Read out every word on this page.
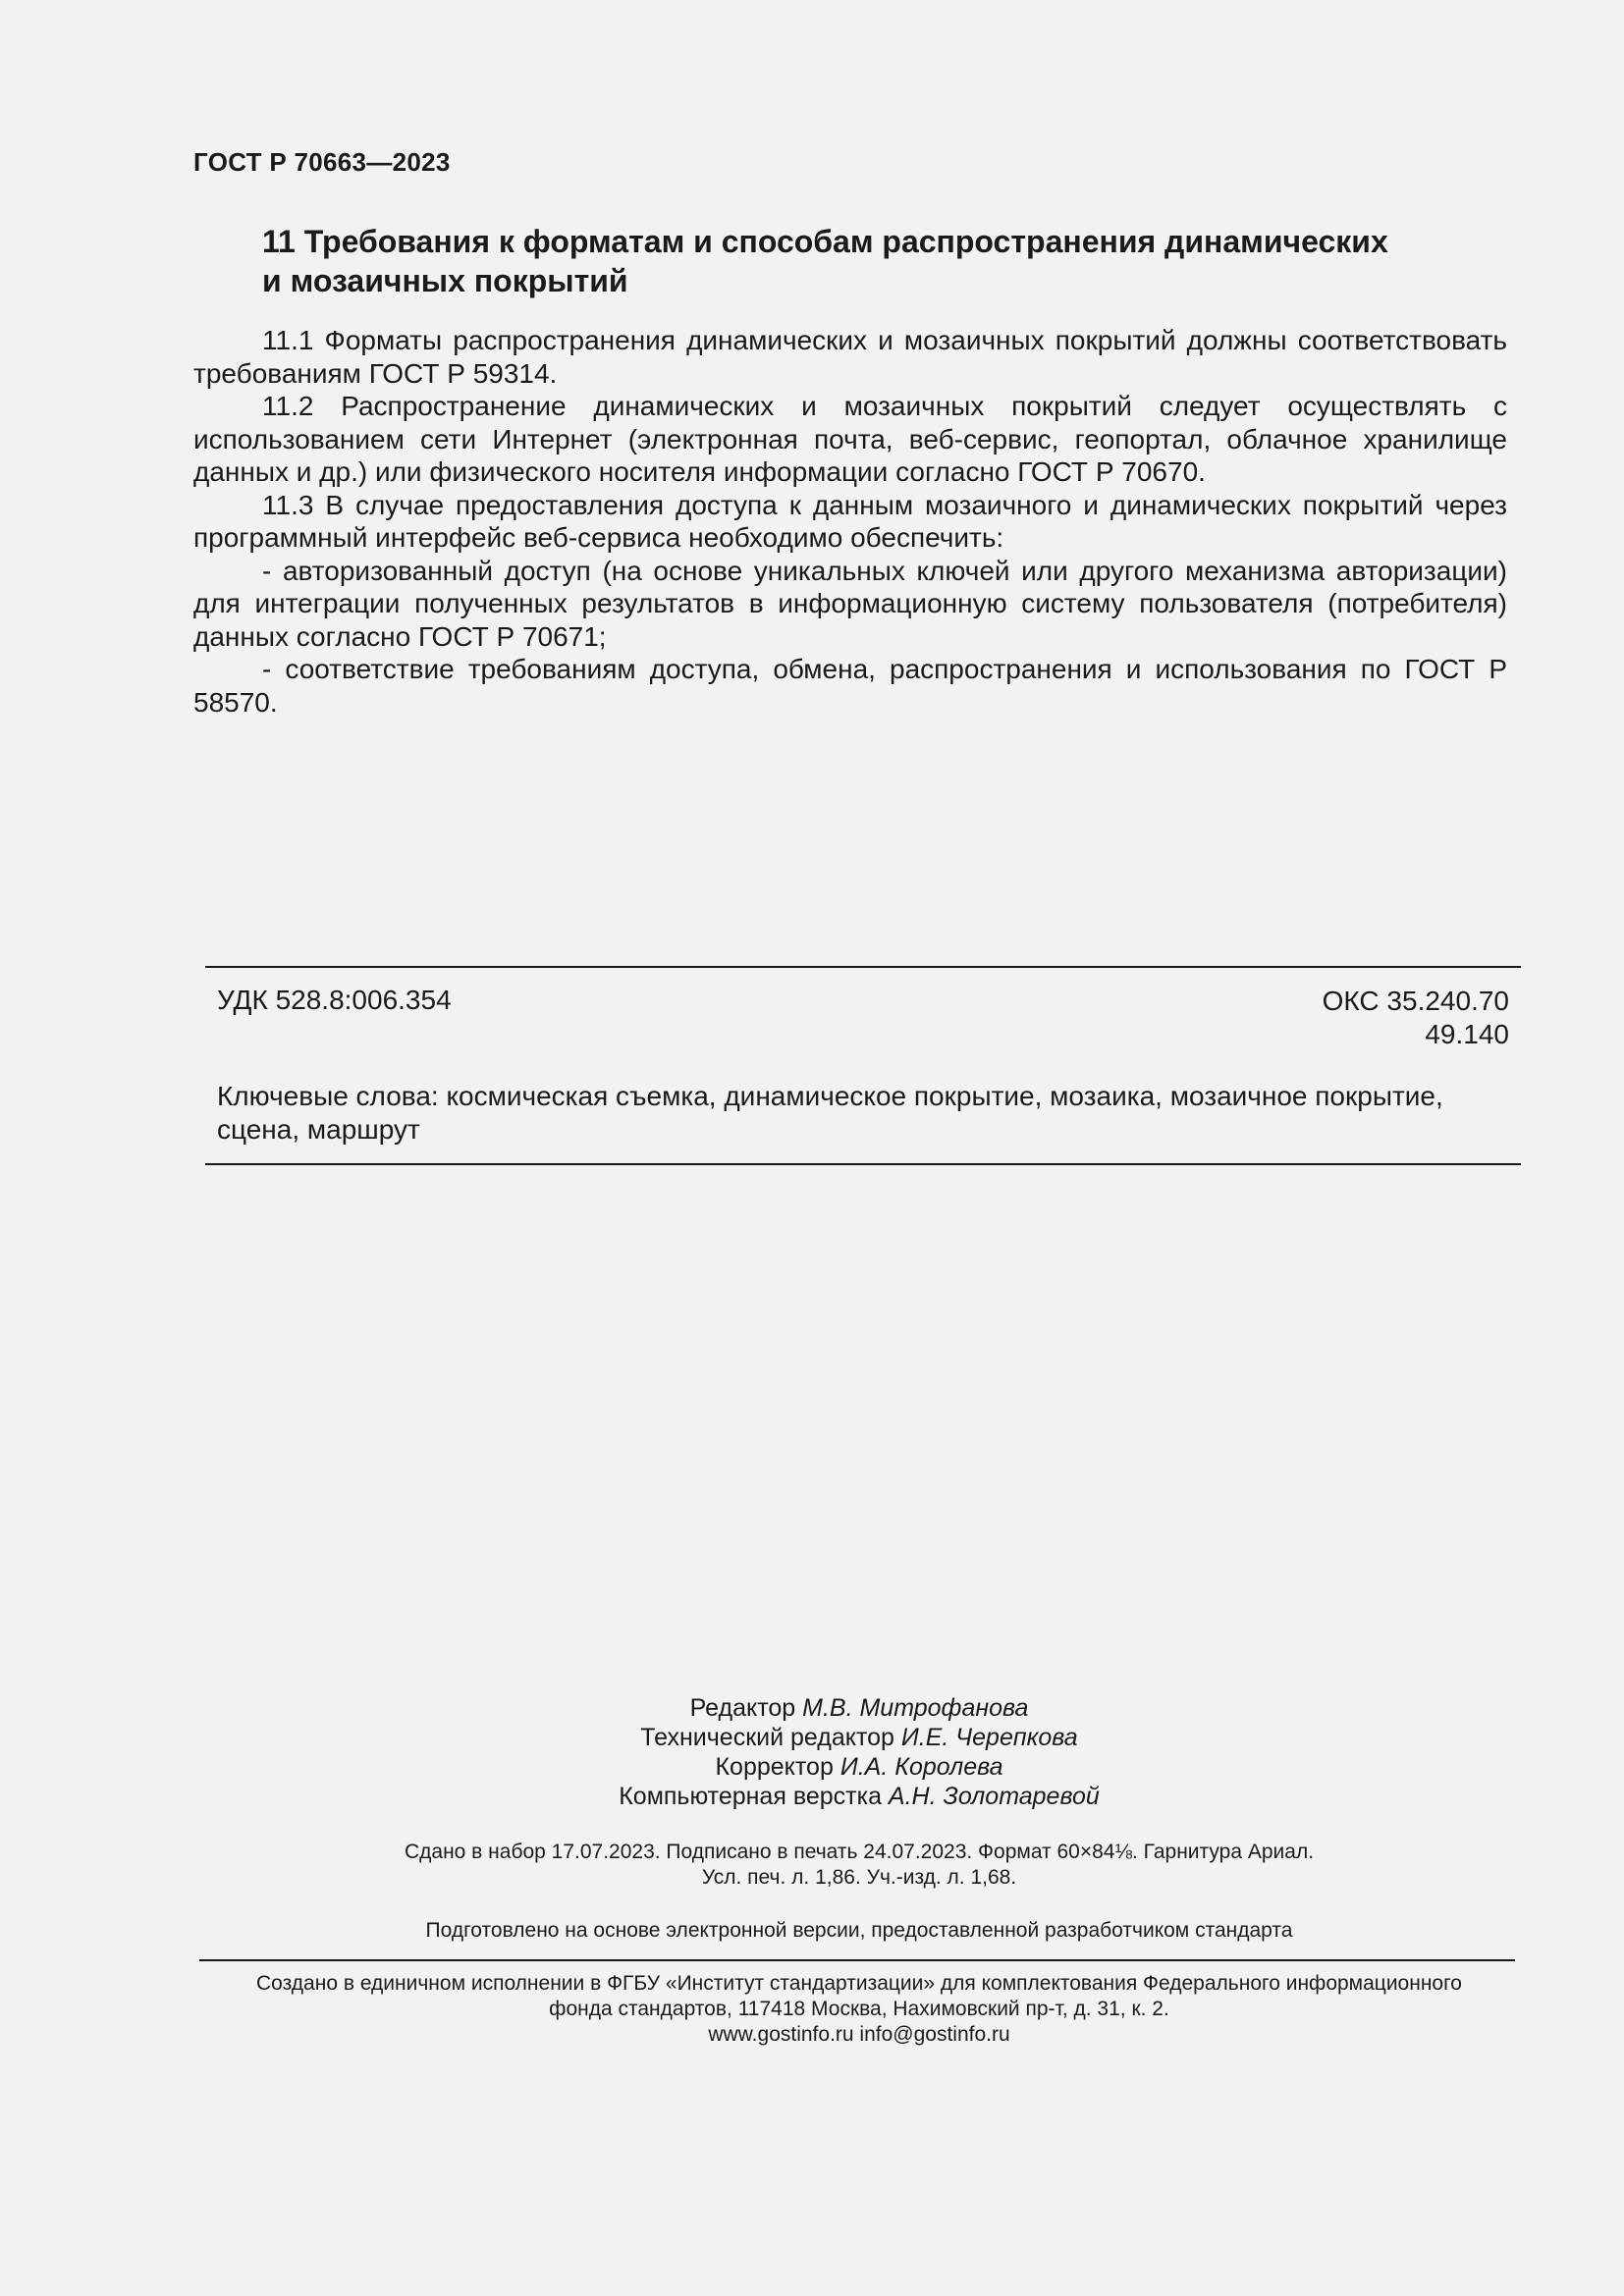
ГОСТ Р 70663—2023
11 Требования к форматам и способам распространения динамических
и мозаичных покрытий

11.1 Форматы распространения динамических и мозаичных покрытий должны соответствовать требованиям ГОСТ Р 59314.

11.2 Распространение динамических и мозаичных покрытий следует осуществлять с использованием сети Интернет (электронная почта, веб-сервис, геопортал, облачное хранилище данных и др.) или физического носителя информации согласно ГОСТ Р 70670.

11.3 В случае предоставления доступа к данным мозаичного и динамических покрытий через программный интерфейс веб-сервиса необходимо обеспечить:

- авторизованный доступ (на основе уникальных ключей или другого механизма авторизации) для интеграции полученных результатов в информационную систему пользователя (потребителя) данных согласно ГОСТ Р 70671;

- соответствие требованиям доступа, обмена, распространения и использования по ГОСТ Р 58570.

УДК 528.8:006.354	ОКС 35.240.70
49.140
Ключевые слова: космическая съемка, динамическое покрытие, мозаика, мозаичное покрытие, сцена, маршрут
Редактор М.В. Митрофанова
Технический редактор И.Е. Черепкова
Корректор И.А. Королева
Компьютерная верстка А.Н. Золотаревой
Сдано в набор 17.07.2023. Подписано в печать 24.07.2023. Формат 60×84⅛. Гарнитура Ариал.
Усл. печ. л. 1,86. Уч.-изд. л. 1,68.
Подготовлено на основе электронной версии, предоставленной разработчиком стандарта
Создано в единичном исполнении в ФГБУ «Институт стандартизации» для комплектования Федерального информационного
фонда стандартов, 117418 Москва, Нахимовский пр-т, д. 31, к. 2.
www.gostinfo.ru info@gostinfo.ru
